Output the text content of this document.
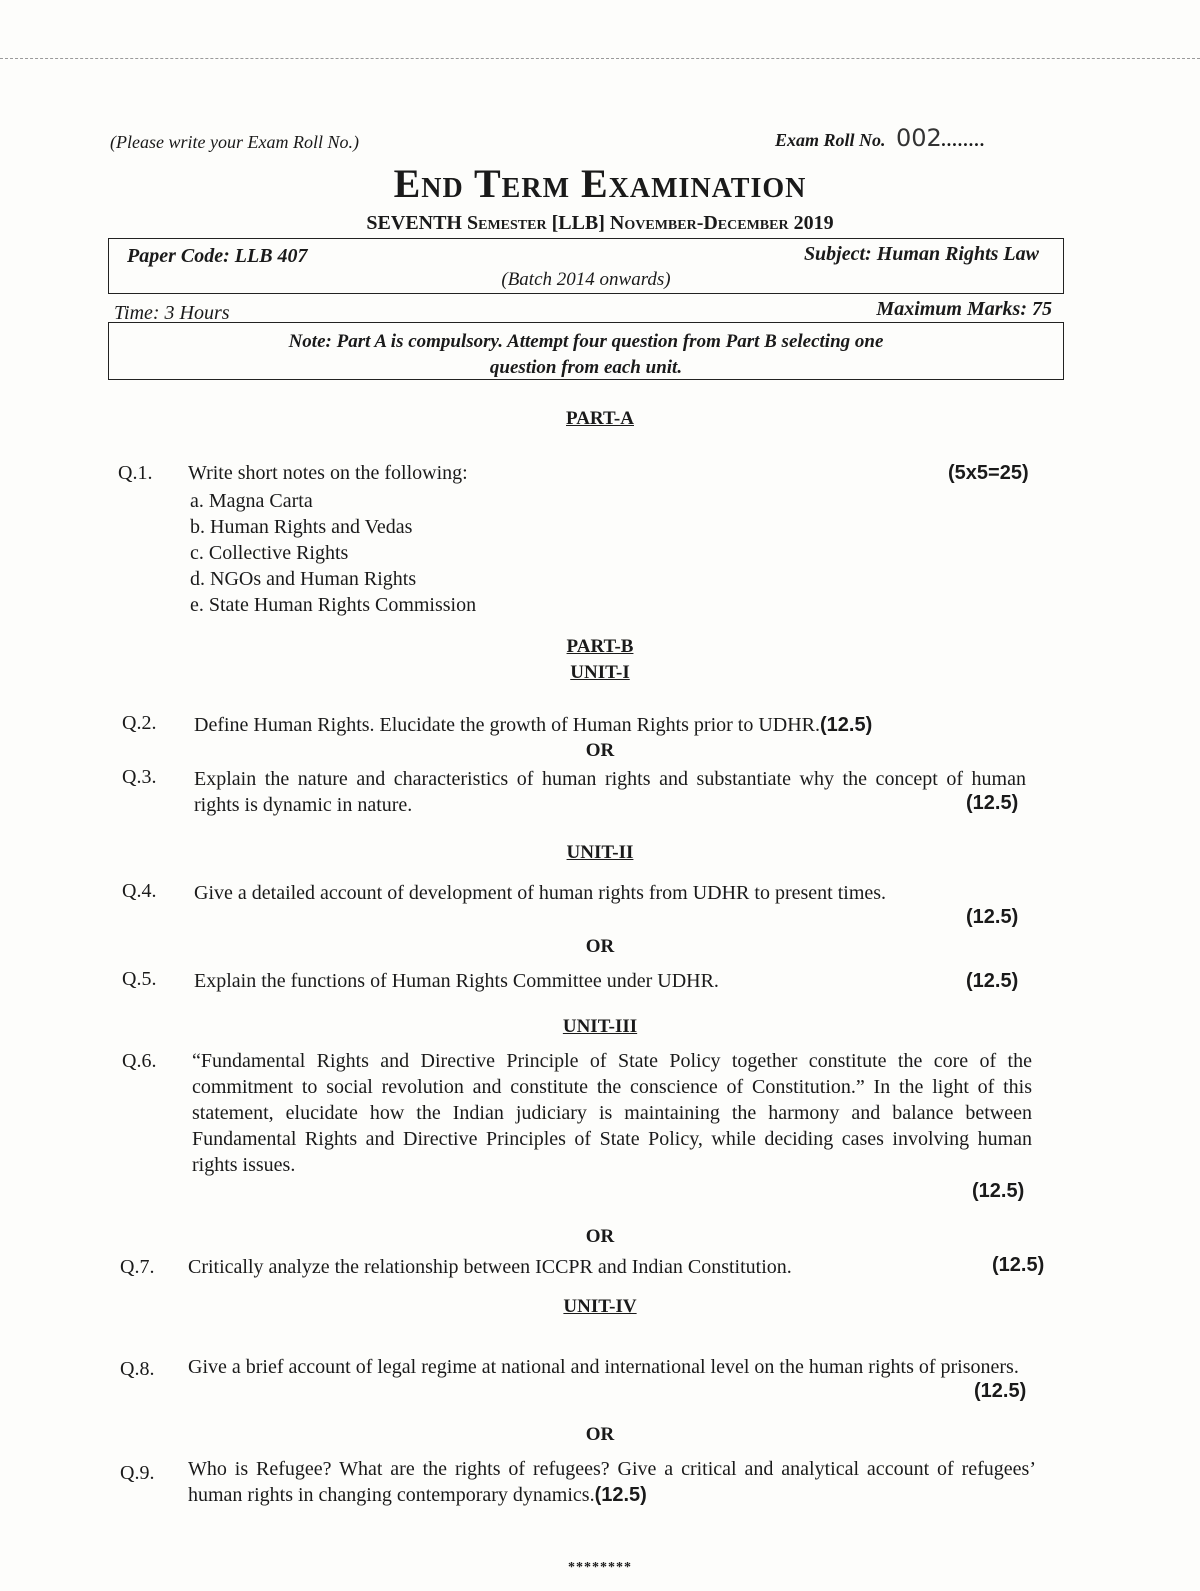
(Please write your Exam Roll No.)	Exam Roll No. 002........
End Term Examination
SEVENTH Semester [LLB] November-December 2019
Paper Code: LLB 407	Subject: Human Rights Law
(Batch 2014 onwards)
Time: 3 Hours	Maximum Marks: 75
Note: Part A is compulsory. Attempt four question from Part B selecting one
question from each unit.
PART-A
Q.1. Write short notes on the following:	(5x5=25)
a. Magna Carta
b. Human Rights and Vedas
c. Collective Rights
d. NGOs and Human Rights
e. State Human Rights Commission
PART-B
UNIT-I
Q.2. Define Human Rights. Elucidate the growth of Human Rights prior to UDHR.(12.5)
OR
Q.3. Explain the nature and characteristics of human rights and substantiate why the concept of human rights is dynamic in nature.	(12.5)
UNIT-II
Q.4. Give a detailed account of development of human rights from UDHR to present times.
(12.5)
OR
Q.5. Explain the functions of Human Rights Committee under UDHR.	(12.5)
UNIT-III
Q.6. “Fundamental Rights and Directive Principle of State Policy together constitute the core of the commitment to social revolution and constitute the conscience of Constitution.” In the light of this statement, elucidate how the Indian judiciary is maintaining the harmony and balance between Fundamental Rights and Directive Principles of State Policy, while deciding cases involving human rights issues.
(12.5)
OR
Q.7. Critically analyze the relationship between ICCPR and Indian Constitution.	(12.5)
UNIT-IV
Q.8. Give a brief account of legal regime at national and international level on the human rights of prisoners.
(12.5)
OR
Q.9. Who is Refugee? What are the rights of refugees? Give a critical and analytical account of refugees’ human rights in changing contemporary dynamics.(12.5)
********
